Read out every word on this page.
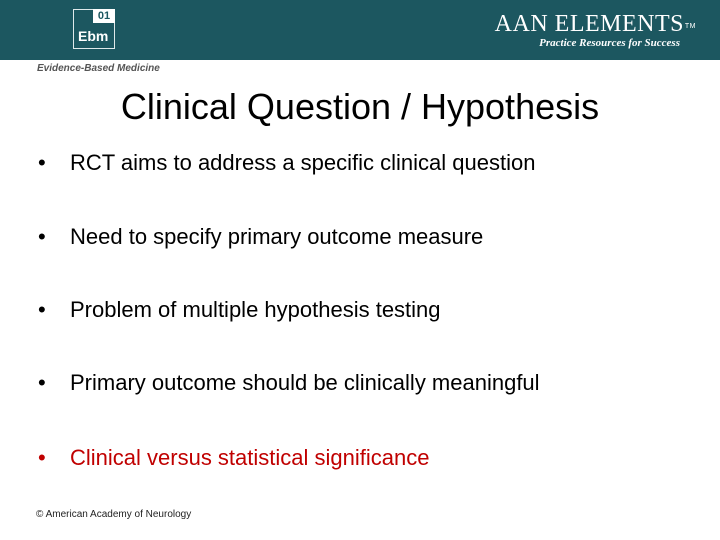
01
Ebm	AAN ELEMENTS TM
Practice Resources for Success
Evidence-Based Medicine
Clinical Question / Hypothesis
• RCT aims to address a specific clinical question
• Need to specify primary outcome measure
• Problem of multiple hypothesis testing
• Primary outcome should be clinically meaningful
• Clinical versus statistical significance
© American Academy of Neurology
